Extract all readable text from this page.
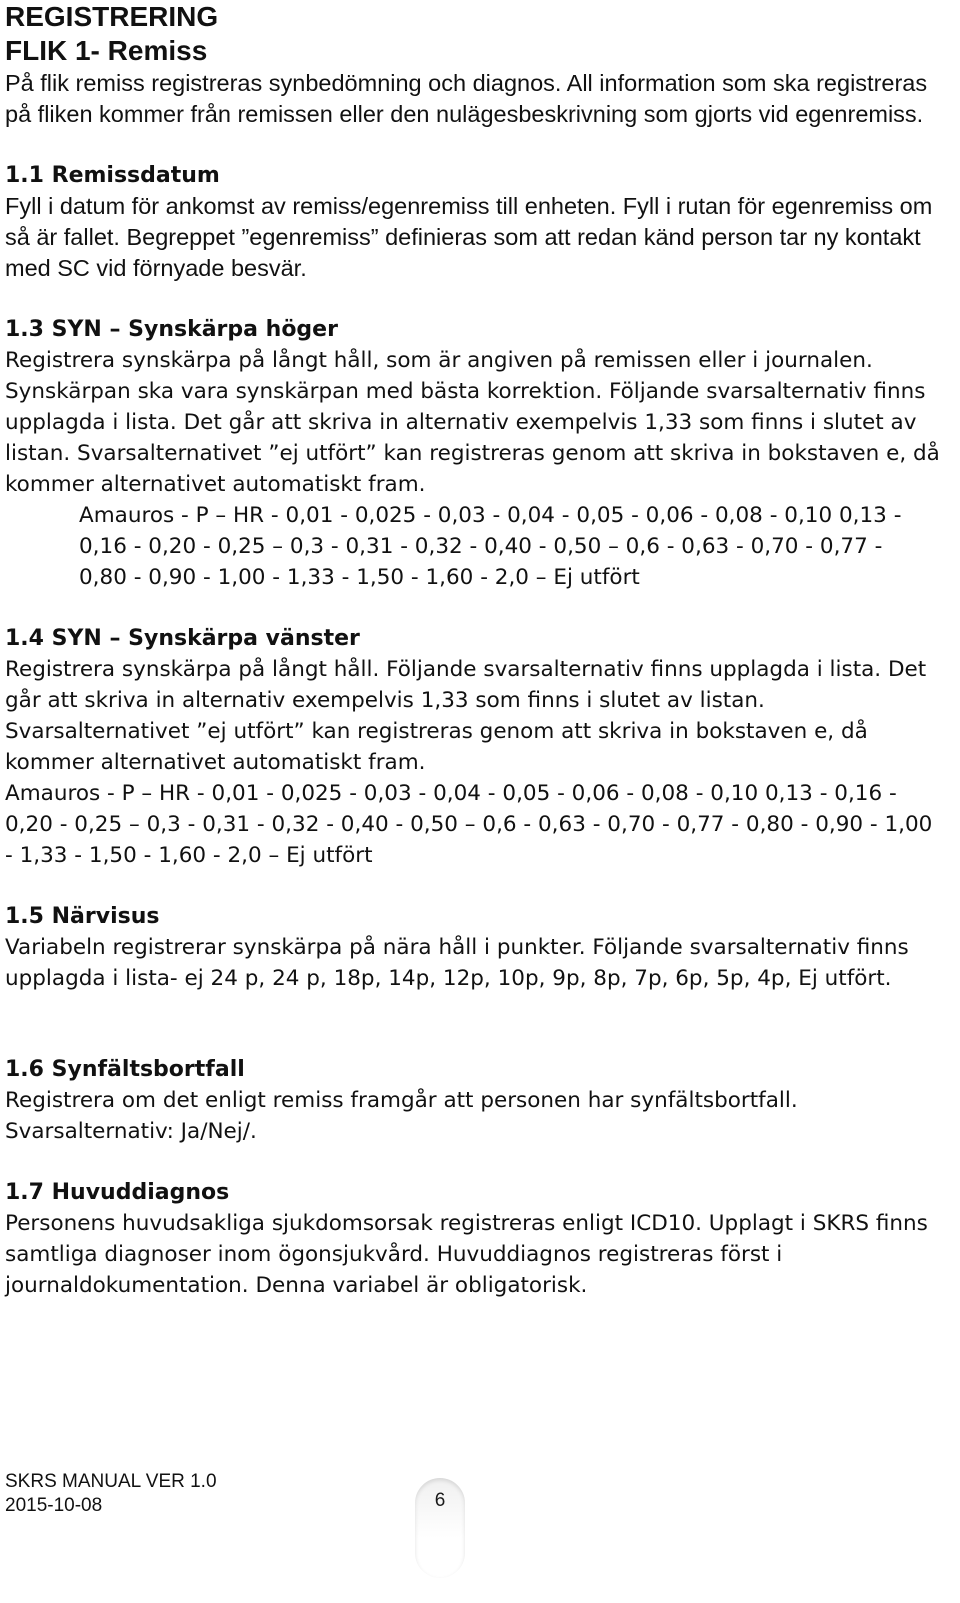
REGISTRERING
FLIK 1- Remiss

På flik remiss registreras synbedömning och diagnos. All information som ska registreras på fliken kommer från remissen eller den nulägesbeskrivning som gjorts vid egenremiss.

1.1 Remissdatum

Fyll i datum för ankomst av remiss/egenremiss till enheten. Fyll i rutan för egenremiss om så är fallet. Begreppet ”egenremiss” definieras som att redan känd person tar ny kontakt med SC vid förnyade besvär.

1.3 SYN – Synskärpa höger

Registrera synskärpa på långt håll, som är angiven på remissen eller i journalen. Synskärpan ska vara synskärpan med bästa korrektion. Följande svarsalternativ finns upplagda i lista. Det går att skriva in alternativ exempelvis 1,33 som finns i slutet av listan. Svarsalternativet ”ej utfört” kan registreras genom att skriva in bokstaven e, då kommer alternativet automatiskt fram.

Amauros - P – HR - 0,01 - 0,025 - 0,03 - 0,04 - 0,05 - 0,06 - 0,08 - 0,10 0,13 - 0,16 - 0,20 - 0,25 – 0,3 - 0,31 - 0,32 - 0,40 - 0,50 – 0,6 - 0,63 - 0,70 - 0,77 - 0,80 - 0,90 - 1,00 - 1,33 - 1,50 - 1,60 - 2,0 – Ej utfört

1.4 SYN – Synskärpa vänster

Registrera synskärpa på långt håll. Följande svarsalternativ finns upplagda i lista. Det går att skriva in alternativ exempelvis 1,33 som finns i slutet av listan. Svarsalternativet ”ej utfört” kan registreras genom att skriva in bokstaven e, då kommer alternativet automatiskt fram.

Amauros - P – HR - 0,01 - 0,025 - 0,03 - 0,04 - 0,05 - 0,06 - 0,08 - 0,10 0,13 - 0,16 - 0,20 - 0,25 – 0,3 - 0,31 - 0,32 - 0,40 - 0,50 – 0,6 - 0,63 - 0,70 - 0,77 - 0,80 - 0,90 - 1,00 - 1,33 - 1,50 - 1,60 - 2,0 – Ej utfört

1.5 Närvisus

Variabeln registrerar synskärpa på nära håll i punkter. Följande svarsalternativ finns upplagda i lista- ej 24 p, 24 p, 18p, 14p, 12p, 10p, 9p, 8p, 7p, 6p, 5p, 4p, Ej utfört.

1.6 Synfältsbortfall

Registrera om det enligt remiss framgår att personen har synfältsbortfall. Svarsalternativ: Ja/Nej/.

1.7 Huvuddiagnos

Personens huvudsakliga sjukdomsorsak registreras enligt ICD10. Upplagt i SKRS finns samtliga diagnoser inom ögonsjukvård. Huvuddiagnos registreras först i journaldokumentation. Denna variabel är obligatorisk.

SKRS MANUAL VER 1.0
2015-10-08	6
